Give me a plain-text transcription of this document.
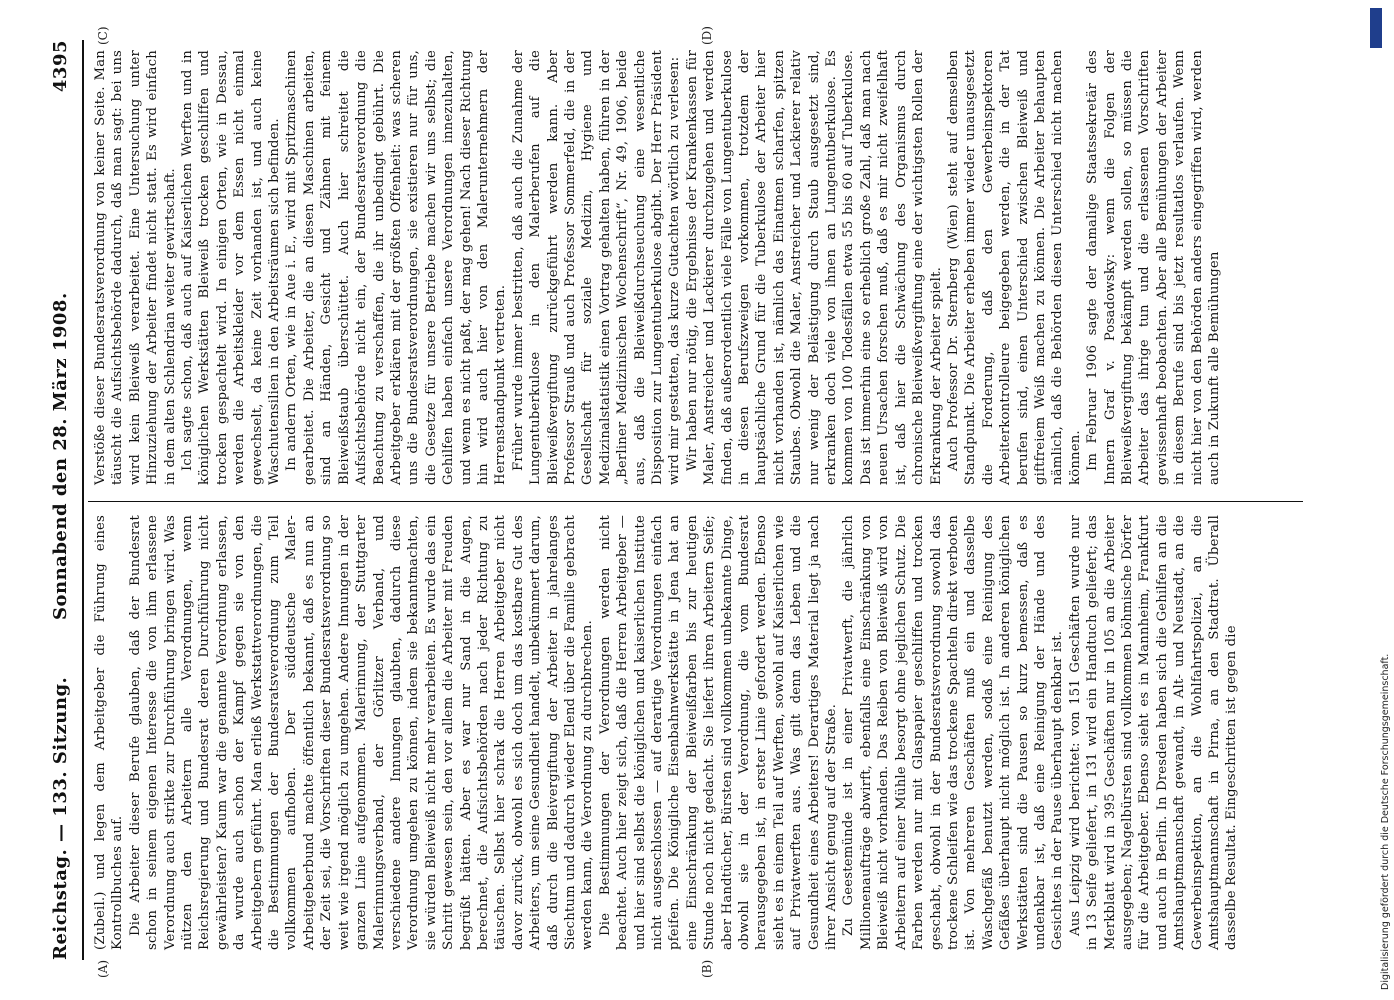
Reichstag. — 133. Sitzung.
Sonnabend den 28. März 1908.
4395
(A)	(B)
(C)	(D)

(Zubeil.) und legen dem Arbeitgeber die Führung eines Kontrollbuches auf. Die Arbeiter dieser Berufe glauben, daß der Bundesrat schon in seinem eigenen Interesse die von ihm erlassene Verordnung auch strikte zur Durchführung bringen wird. Was nützen den Arbeitern alle Verordnungen, wenn Reichsregierung und Bundesrat deren Durchführung nicht gewährleisten? Kaum war die genannte Verordnung erlassen, da wurde auch schon der Kampf gegen sie von den Arbeitgebern geführt. Man erließ Werkstattverordnungen, die die Bestimmungen der Bundesratsverordnung zum Teil vollkommen aufhoben. Der süddeutsche Maler-Arbeitgeberbund machte öffentlich bekannt, daß es nun an der Zeit sei, die Vorschriften dieser Bundesratsverordnung so weit wie irgend möglich zu umgehen. Andere Innungen in der ganzen Linie aufgenommen. Malerinnung, der Stuttgarter Malerinnungsverband, der Görlitzer Verband, und verschiedene andere Innungen glaubten, dadurch diese Verordnung umgehen zu können, indem sie bekanntmachten, sie würden Bleiweiß nicht mehr verarbeiten. Es wurde das ein Schritt gewesen sein, den vor allem die Arbeiter mit Freuden begrüßt hätten. Aber es war nur Sand in die Augen, berechnet, die Aufsichtsbehörden nach jeder Richtung zu täuschen. Selbst hier schrak die Herren Arbeitgeber nicht davor zurück, obwohl es sich doch um das kostbare Gut des Arbeiters, um seine Gesundheit handelt, unbekümmert darum, daß durch die Bleivergiftung der Arbeiter in jahrelanges Siechtum und dadurch wieder Elend über die Familie gebracht werden kann, die Verordnung zu durchbrechen. Die Bestimmungen der Verordnungen werden nicht beachtet. Auch hier zeigt sich, daß die Herren Arbeitgeber — und hier sind selbst die königlichen und kaiserlichen Institute nicht ausgeschlossen — auf derartige Verordnungen einfach pfeifen. Die Königliche Eisenbahnwerkstätte in Jena hat an eine Einschränkung der Bleiweißfarben bis zur heutigen Stunde noch nicht gedacht. Sie liefert ihren Arbeitern Seife; aber Handtücher, Bürsten sind vollkommen unbekannte Dinge, obwohl sie in der Verordnung, die vom Bundesrat herausgegeben ist, in erster Linie gefordert werden. Ebenso sieht es in einem Teil auf Werften, sowohl auf Kaiserlichen wie auf Privatwerften aus. Was gilt denn das Leben und die Gesundheit eines Arbeiters! Derartiges Material liegt ja nach ihrer Ansicht genug auf der Straße. Zu Geestemünde ist in einer Privatwerft, die jährlich Millionenaufträge abwirft, ebenfalls eine Einschränkung von Bleiweiß nicht vorhanden. Das Reiben von Bleiweiß wird von Arbeitern auf einer Mühle besorgt ohne jeglichen Schutz. Die Farben werden nur mit Glaspapier geschliffen und trocken geschabt, obwohl in der Bundesratsverordnung sowohl das trockene Schleifen wie das trockene Spachteln direkt verboten ist. Von mehreren Geschäften muß ein und dasselbe Waschgefäß benutzt werden, sodaß eine Reinigung des Gefäßes überhaupt nicht möglich ist. In anderen königlichen Werkstätten sind die Pausen so kurz bemessen, daß es undenkbar ist, daß eine Reinigung der Hände und des Gesichtes in der Pause überhaupt denkbar ist. Aus Leipzig wird berichtet: von 151 Geschäften wurde nur in 13 Seife geliefert, in 131 wird ein Handtuch geliefert; das Merkblatt wird in 395 Geschäften nur in 105 an die Arbeiter ausgegeben; Nagelbürsten sind vollkommen böhmische Dörfer für die Arbeitgeber. Ebenso sieht es in Mannheim, Frankfurt und auch in Berlin. In Dresden haben sich die Gehilfen an die Amtshauptmannschaft gewandt, in Alt- und Neustadt, an die Gewerbeinspektion, an die Wohlfahrtspolizei, an die Amtshauptmannschaft in Pirna, an den Stadtrat. Überall dasselbe Resultat. Eingeschritten ist gegen die

Verstöße dieser Bundesratsverordnung von keiner Seite. Man täuscht die Aufsichtsbehörde dadurch, daß man sagt: bei uns wird kein Bleiweiß verarbeitet. Eine Untersuchung unter Hinzuziehung der Arbeiter findet nicht statt. Es wird einfach in dem alten Schlendrian weiter gewirtschaft. Ich sagte schon, daß auch auf Kaiserlichen Werften und in königlichen Werkstätten Bleiweiß trocken geschliffen und trocken gespachtelt wird. In einigen Orten, wie in Dessau, werden die Arbeitskleider vor dem Essen nicht einmal gewechselt, da keine Zeit vorhanden ist, und auch keine Waschutensilien in den Arbeitsräumen sich befinden. In andern Orten, wie in Aue i. E., wird mit Spritzmaschinen gearbeitet. Die Arbeiter, die an diesen Maschinen arbeiten, sind an Händen, Gesicht und Zähnen mit feinem Bleiweißstaub überschüttet. Auch hier schreitet die Aufsichtsbehörde nicht ein, der Bundesratsverordnung die Beachtung zu verschaffen, die ihr unbedingt gebührt. Die Arbeitgeber erklären mit der größten Offenheit: was scheren uns die Bundesratsverordnungen, sie existieren nur für uns, die Gesetze für unsere Betriebe machen wir uns selbst; die Gehilfen haben einfach unsere Verordnungen innezuhalten, und wenn es nicht paßt, der mag gehen! Nach dieser Richtung hin wird auch hier von den Malerunternehmern der Herrenstandpunkt vertreten. Früher wurde immer bestritten, daß auch die Zunahme der Lungentuberkulose in den Malerberufen auf die Bleiweißvergiftung zurückgeführt werden kann. Aber Professor Strauß und auch Professor Sommerfeld, die in der Gesellschaft für soziale Medizin, Hygiene und Medizinalstatistik einen Vortrag gehalten haben, führen in der „Berliner Medizinischen Wochenschrift“, Nr. 49, 1906, beide aus, daß die Bleiweißdurchseuchung eine wesentliche Disposition zur Lungentuberkulose abgibt. Der Herr Präsident wird mir gestatten, das kurze Gutachten wörtlich zu verlesen: Wir haben nur nötig, die Ergebnisse der Krankenkassen für Maler, Anstreicher und Lackierer durchzugehen und werden finden, daß außerordentlich viele Fälle von Lungentuberkulose in diesen Berufszweigen vorkommen, trotzdem der hauptsächliche Grund für die Tuberkulose der Arbeiter hier nicht vorhanden ist, nämlich das Einatmen scharfen, spitzen Staubes. Obwohl die Maler, Anstreicher und Lackierer relativ nur wenig der Belästigung durch Staub ausgesetzt sind, erkranken doch viele von ihnen an Lungentuberkulose. Es kommen von 100 Todesfällen etwa 55 bis 60 auf Tuberkulose. Das ist immerhin eine so erheblich große Zahl, daß man nach neuen Ursachen forschen muß, daß es mir nicht zweifelhaft ist, daß hier die Schwächung des Organismus durch chronische Bleiweißvergiftung eine der wichtigsten Rollen der Erkrankung der Arbeiter spielt. Auch Professor Dr. Sternberg (Wien) steht auf demselben Standpunkt. Die Arbeiter erheben immer wieder unausgesetzt die Forderung, daß den Gewerbeinspektoren Arbeiterkontrolleure beigegeben werden, die in der Tat berufen sind, einen Unterschied zwischen Bleiweiß und giftfreiem Weiß machen zu können. Die Arbeiter behaupten nämlich, daß die Behörden diesen Unterschied nicht machen können. Im Februar 1906 sagte der damalige Staatssekretär des Innern Graf v. Posadowsky: wenn die Folgen der Bleiweißvergiftung bekämpft werden sollen, so müssen die Arbeiter das ihrige tun und die erlassenen Vorschriften gewissenhaft beobachten. Aber alle Bemühungen der Arbeiter in diesem Berufe sind bis jetzt resultatlos verlaufen. Wenn nicht hier von den Behörden anders eingegriffen wird, werden auch in Zukunft alle Bemühungen

Digitalisierung gefördert durch die Deutsche Forschungsgemeinschaft.
DFG
